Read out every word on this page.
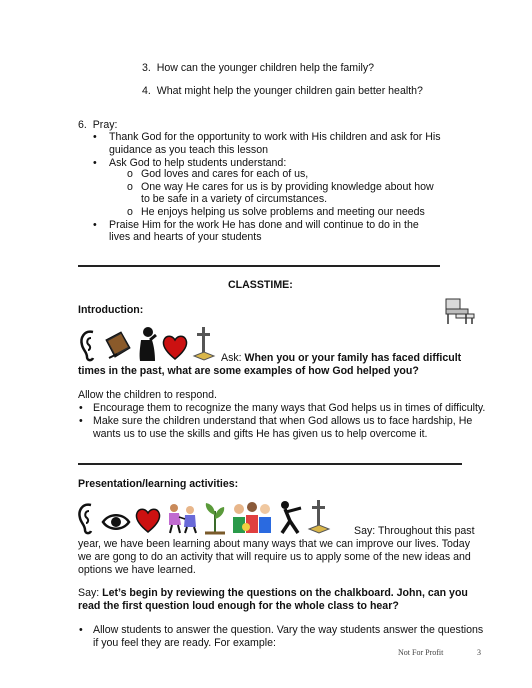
3. How can the younger children help the family?
4. What might help the younger children gain better health?
6. Pray:
• Thank God for the opportunity to work with His children and ask for His
guidance as you teach this lesson
• Ask God to help students understand:
o God loves and cares for each of us,
o One way He cares for us is by providing knowledge about how
to be safe in a variety of circumstances.
o He enjoys helping us solve problems and meeting our needs
• Praise Him for the work He has done and will continue to do in the
lives and hearts of your students
CLASSTIME:
Introduction:

Ask: When you or your family has faced difficult
times in the past, what are some examples of how God helped you?
Allow the children to respond.
• Encourage them to recognize the many ways that God helps us in times of difficulty.
• Make sure the children understand that when God allows us to face hardship, He
wants us to use the skills and gifts He has given us to help overcome it.
Presentation/learning activities:

Say: Throughout this past
year, we have been learning about many ways that we can improve our lives. Today
we are gong to do an activity that will require us to apply some of the new ideas and
options we have learned.
Say: Let’s begin by reviewing the questions on the chalkboard. John, can you
read the first question loud enough for the whole class to hear?
• Allow students to answer the question. Vary the way students answer the questions
if you feel they are ready. For example:
Not For Profit	3
